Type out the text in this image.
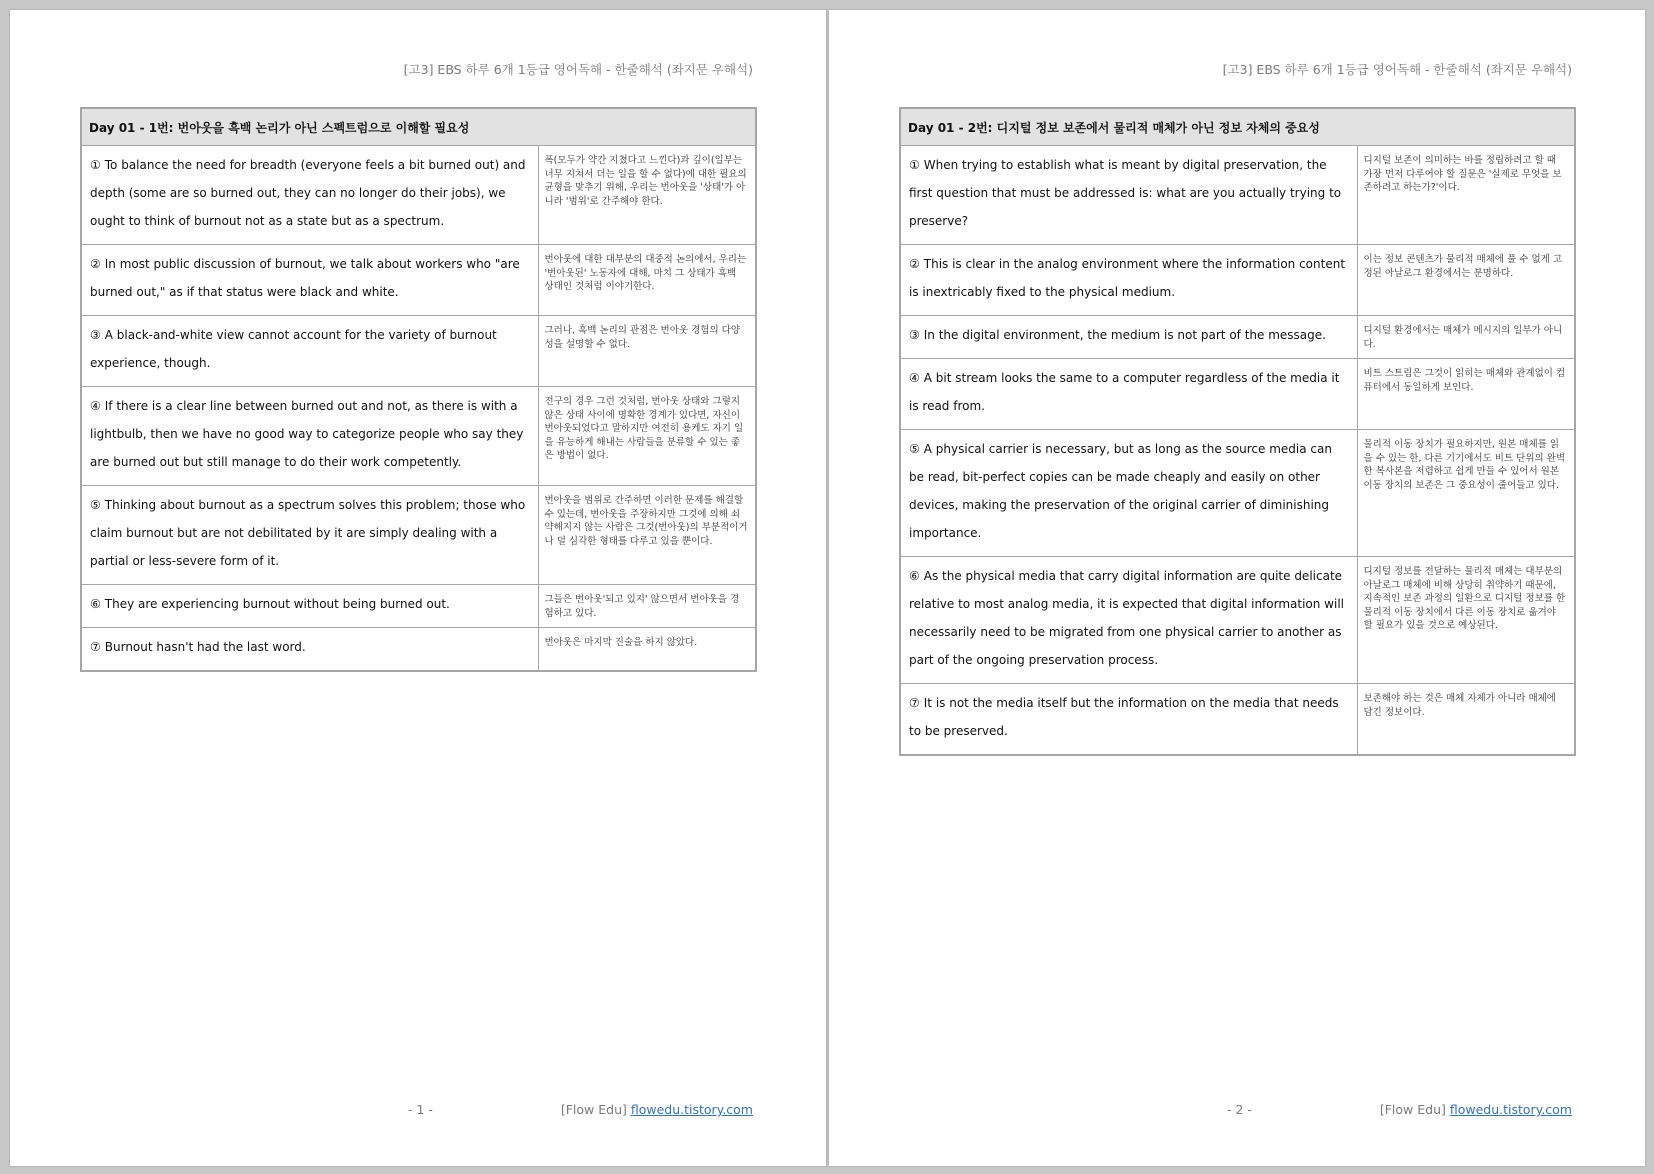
[고3] EBS 하루 6개 1등급 영어독해 - 한줄해석 (좌지문 우해석)
Day 01 - 1번: 번아웃을 흑백 논리가 아닌 스펙트럼으로 이해할 필요성	
① To balance the need for breadth (everyone feels a bit burned out) and depth (some are so burned out, they can no longer do their jobs), we ought to think of burnout not as a state but as a spectrum.	폭(모두가 약간 지쳤다고 느낀다)과 깊이(일부는 너무 지쳐서 더는 일을 할 수 없다)에 대한 필요의 균형을 맞추기 위해, 우리는 번아웃을 '상태'가 아니라 '범위'로 간주해야 한다.
② In most public discussion of burnout, we talk about workers who "are burned out," as if that status were black and white.	번아웃에 대한 대부분의 대중적 논의에서, 우리는 '번아웃된' 노동자에 대해, 마치 그 상태가 흑백 상태인 것처럼 이야기한다.
③ A black-and-white view cannot account for the variety of burnout experience, though.	그러나, 흑백 논리의 관점은 번아웃 경험의 다양성을 설명할 수 없다.
④ If there is a clear line between burned out and not, as there is with a lightbulb, then we have no good way to categorize people who say they are burned out but still manage to do their work competently.	전구의 경우 그런 것처럼, 번아웃 상태와 그렇지 않은 상태 사이에 명확한 경계가 있다면, 자신이 번아웃되었다고 말하지만 여전히 용케도 자기 일을 유능하게 해내는 사람들을 분류할 수 있는 좋은 방법이 없다.
⑤ Thinking about burnout as a spectrum solves this problem; those who claim burnout but are not debilitated by it are simply dealing with a partial or less-severe form of it.	번아웃을 범위로 간주하면 이러한 문제를 해결할 수 있는데, 번아웃을 주장하지만 그것에 의해 쇠약해지지 않는 사람은 그것(번아웃)의 부분적이거나 덜 심각한 형태를 다루고 있을 뿐이다.
⑥ They are experiencing burnout without being burned out.	그들은 번아웃'되고 있지' 않으면서 번아웃을 경험하고 있다.
⑦ Burnout hasn't had the last word.	번아웃은 마지막 진술을 하지 않았다.
- 1 -	[Flow Edu] flowedu.tistory.com
[고3] EBS 하루 6개 1등급 영어독해 - 한줄해석 (좌지문 우해석)
Day 01 - 2번: 디지털 정보 보존에서 물리적 매체가 아닌 정보 자체의 중요성	
① When trying to establish what is meant by digital preservation, the first question that must be addressed is: what are you actually trying to preserve?	디지털 보존이 의미하는 바를 정립하려고 할 때 가장 먼저 다루어야 할 질문은 '실제로 무엇을 보존하려고 하는가?'이다.
② This is clear in the analog environment where the information content is inextricably fixed to the physical medium.	이는 정보 콘텐츠가 물리적 매체에 풀 수 없게 고정된 아날로그 환경에서는 분명하다.
③ In the digital environment, the medium is not part of the message.	디지털 환경에서는 매체가 메시지의 일부가 아니다.
④ A bit stream looks the same to a computer regardless of the media it is read from.	비트 스트림은 그것이 읽히는 매체와 관계없이 컴퓨터에서 동일하게 보인다.
⑤ A physical carrier is necessary, but as long as the source media can be read, bit-perfect copies can be made cheaply and easily on other devices, making the preservation of the original carrier of diminishing importance.	물리적 이동 장치가 필요하지만, 원본 매체를 읽을 수 있는 한, 다른 기기에서도 비트 단위의 완벽한 복사본을 저렴하고 쉽게 만들 수 있어서 원본 이동 장치의 보존은 그 중요성이 줄어들고 있다.
⑥ As the physical media that carry digital information are quite delicate relative to most analog media, it is expected that digital information will necessarily need to be migrated from one physical carrier to another as part of the ongoing preservation process.	디지털 정보를 전달하는 물리적 매체는 대부분의 아날로그 매체에 비해 상당히 취약하기 때문에, 지속적인 보존 과정의 일환으로 디지털 정보를 한 물리적 이동 장치에서 다른 이동 장치로 옮겨야 할 필요가 있을 것으로 예상된다.
⑦ It is not the media itself but the information on the media that needs to be preserved.	보존해야 하는 것은 매체 자체가 아니라 매체에 담긴 정보이다.
- 2 -	[Flow Edu] flowedu.tistory.com
